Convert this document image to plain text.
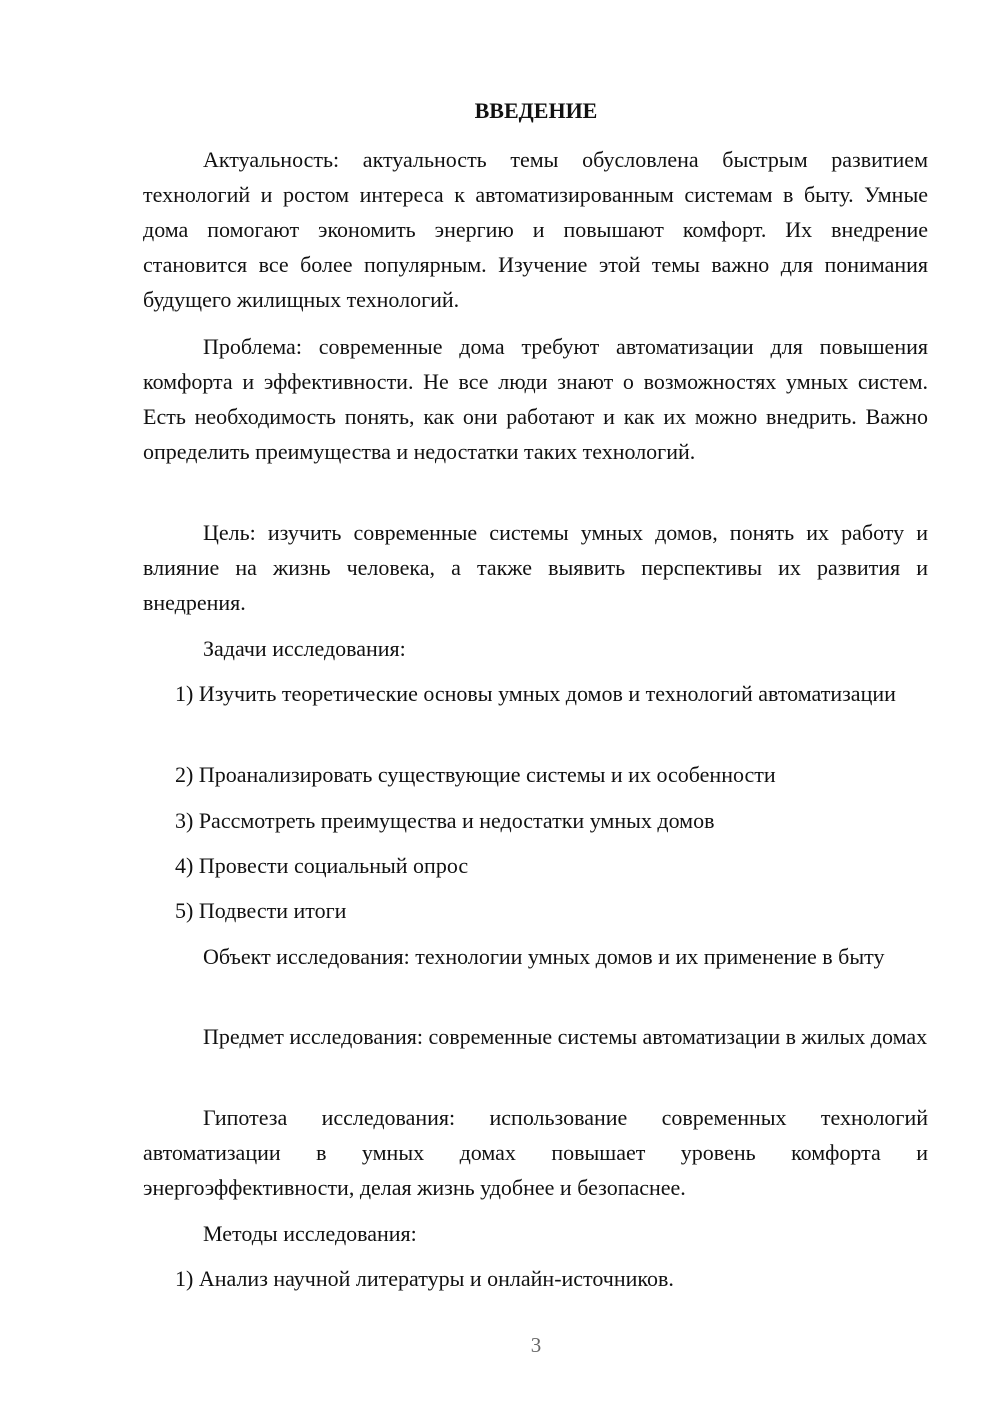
ВВЕДЕНИЕ

Актуальность: актуальность темы обусловлена быстрым развитием технологий и ростом интереса к автоматизированным системам в быту. Умные дома помогают экономить энергию и повышают комфорт. Их внедрение становится все более популярным. Изучение этой темы важно для понимания будущего жилищных технологий.

Проблема: современные дома требуют автоматизации для повышения комфорта и эффективности. Не все люди знают о возможностях умных систем. Есть необходимость понять, как они работают и как их можно внедрить. Важно определить преимущества и недостатки таких технологий.

Цель: изучить современные системы умных домов, понять их работу и влияние на жизнь человека, а также выявить перспективы их развития и внедрения.

Задачи исследования:

1) Изучить теоретические основы умных домов и технологий автоматизации

2) Проанализировать существующие системы и их особенности

3) Рассмотреть преимущества и недостатки умных домов

4) Провести социальный опрос

5) Подвести итоги

Объект исследования: технологии умных домов и их применение в быту

Предмет исследования: современные системы автоматизации в жилых домах

Гипотеза исследования: использование современных технологий автоматизации в умных домах повышает уровень комфорта и энергоэффективности, делая жизнь удобнее и безопаснее.

Методы исследования:

1) Анализ научной литературы и онлайн-источников.

3
